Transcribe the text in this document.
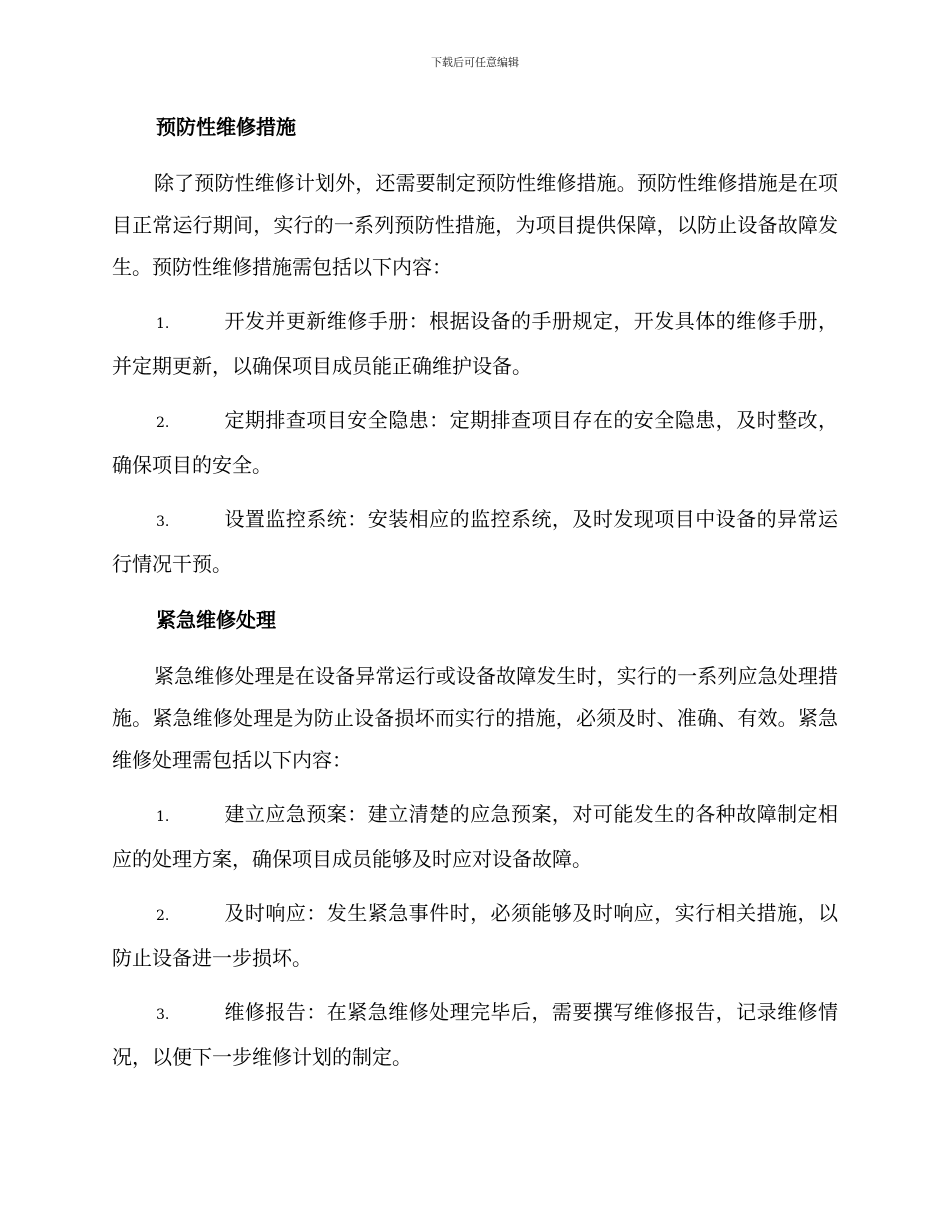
下载后可任意编辑
预防性维修措施

除了预防性维修计划外，还需要制定预防性维修措施。预防性维修措施是在项目正常运行期间，实行的一系列预防性措施，为项目提供保障，以防止设备故障发生。预防性维修措施需包括以下内容：

1.	开发并更新维修手册：根据设备的手册规定，开发具体的维修手册，并定期更新，以确保项目成员能正确维护设备。
2.	定期排查项目安全隐患：定期排查项目存在的安全隐患，及时整改，确保项目的安全。
3.	设置监控系统：安装相应的监控系统，及时发现项目中设备的异常运行情况干预。
紧急维修处理

紧急维修处理是在设备异常运行或设备故障发生时，实行的一系列应急处理措施。紧急维修处理是为防止设备损坏而实行的措施，必须及时、准确、有效。紧急维修处理需包括以下内容：

1.	建立应急预案：建立清楚的应急预案，对可能发生的各种故障制定相应的处理方案，确保项目成员能够及时应对设备故障。
2.	及时响应：发生紧急事件时，必须能够及时响应，实行相关措施，以防止设备进一步损坏。
3.	维修报告：在紧急维修处理完毕后，需要撰写维修报告，记录维修情况，以便下一步维修计划的制定。
